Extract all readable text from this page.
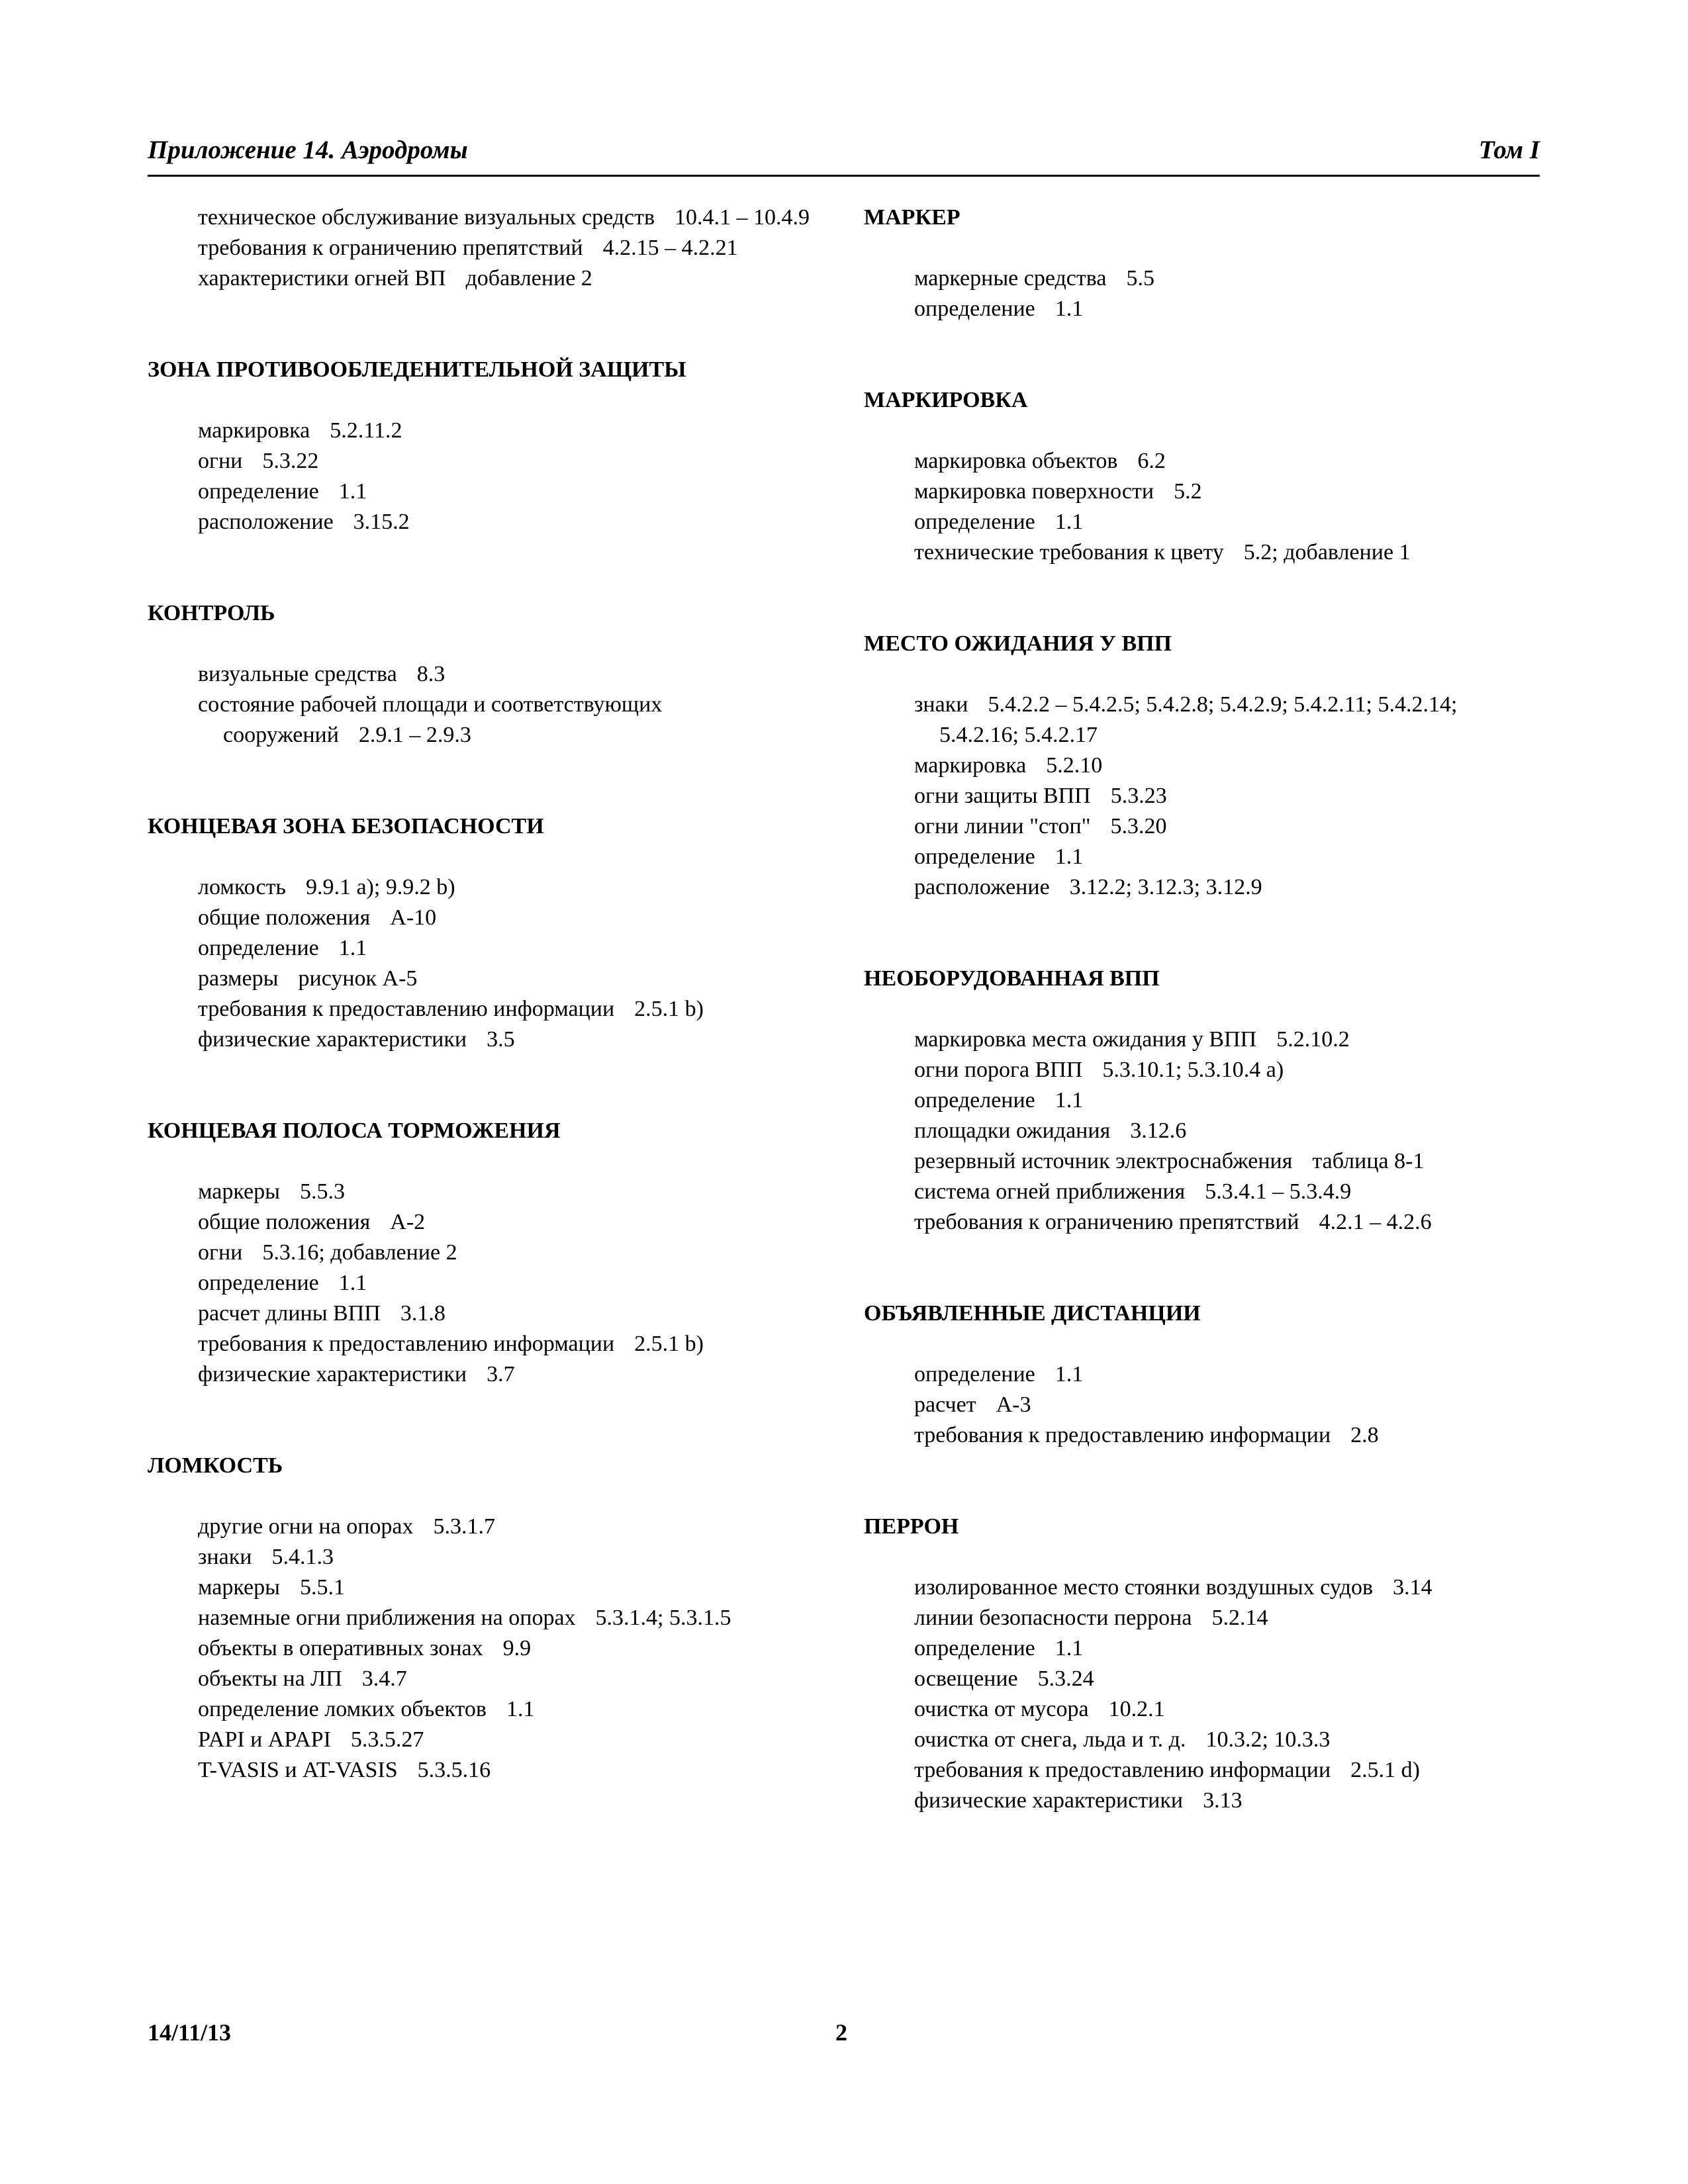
Приложение 14. Аэродромы	Том I
техническое обслуживание визуальных средств 10.4.1 – 10.4.9
требования к ограничению препятствий 4.2.15 – 4.2.21
характеристики огней ВП добавление 2
ЗОНА ПРОТИВООБЛЕДЕНИТЕЛЬНОЙ ЗАЩИТЫ
маркировка 5.2.11.2
огни 5.3.22
определение 1.1
расположение 3.15.2
КОНТРОЛЬ
визуальные средства 8.3
состояние рабочей площади и соответствующих сооружений 2.9.1 – 2.9.3
КОНЦЕВАЯ ЗОНА БЕЗОПАСНОСТИ
ломкость 9.9.1 a); 9.9.2 b)
общие положения A-10
определение 1.1
размеры рисунок A-5
требования к предоставлению информации 2.5.1 b)
физические характеристики 3.5
КОНЦЕВАЯ ПОЛОСА ТОРМОЖЕНИЯ
маркеры 5.5.3
общие положения A-2
огни 5.3.16; добавление 2
определение 1.1
расчет длины ВПП 3.1.8
требования к предоставлению информации 2.5.1 b)
физические характеристики 3.7
ЛОМКОСТЬ
другие огни на опорах 5.3.1.7
знаки 5.4.1.3
маркеры 5.5.1
наземные огни приближения на опорах 5.3.1.4; 5.3.1.5
объекты в оперативных зонах 9.9
объекты на ЛП 3.4.7
определение ломких объектов 1.1
PAPI и APAPI 5.3.5.27
T-VASIS и AT-VASIS 5.3.5.16
МАРКЕР
маркерные средства 5.5
определение 1.1
МАРКИРОВКА
маркировка объектов 6.2
маркировка поверхности 5.2
определение 1.1
технические требования к цвету 5.2; добавление 1
МЕСТО ОЖИДАНИЯ У ВПП
знаки 5.4.2.2 – 5.4.2.5; 5.4.2.8; 5.4.2.9; 5.4.2.11; 5.4.2.14; 5.4.2.16; 5.4.2.17
маркировка 5.2.10
огни защиты ВПП 5.3.23
огни линии "стоп" 5.3.20
определение 1.1
расположение 3.12.2; 3.12.3; 3.12.9
НЕОБОРУДОВАННАЯ ВПП
маркировка места ожидания у ВПП 5.2.10.2
огни порога ВПП 5.3.10.1; 5.3.10.4 a)
определение 1.1
площадки ожидания 3.12.6
резервный источник электроснабжения таблица 8-1
система огней приближения 5.3.4.1 – 5.3.4.9
требования к ограничению препятствий 4.2.1 – 4.2.6
ОБЪЯВЛЕННЫЕ ДИСТАНЦИИ
определение 1.1
расчет A-3
требования к предоставлению информации 2.8
ПЕРРОН
изолированное место стоянки воздушных судов 3.14
линии безопасности перрона 5.2.14
определение 1.1
освещение 5.3.24
очистка от мусора 10.2.1
очистка от снега, льда и т. д. 10.3.2; 10.3.3
требования к предоставлению информации 2.5.1 d)
физические характеристики 3.13
14/11/13	2
